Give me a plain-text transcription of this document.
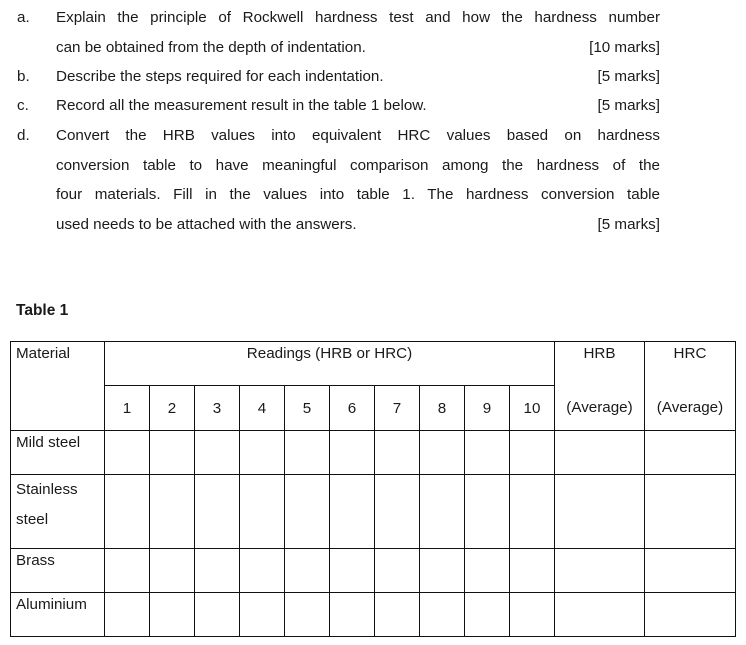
a. Explain the principle of Rockwell hardness test and how the hardness number
can be obtained from the depth of indentation.	[10 marks]
b. Describe the steps required for each indentation.	[5 marks]
c. Record all the measurement result in the table 1 below.	[5 marks]
d. Convert the HRB values into equivalent HRC values based on hardness
conversion table to have meaningful comparison among the hardness of the
four materials. Fill in the values into table 1. The hardness conversion table
used needs to be attached with the answers.	[5 marks]
Table 1
Material	Readings (HRB or HRC)										HRB	HRC
	1	2	3	4	5	6	7	8	9	10	(Average)	(Average)

Mild steel												

Stainless
steel												

Brass												

Aluminium												
